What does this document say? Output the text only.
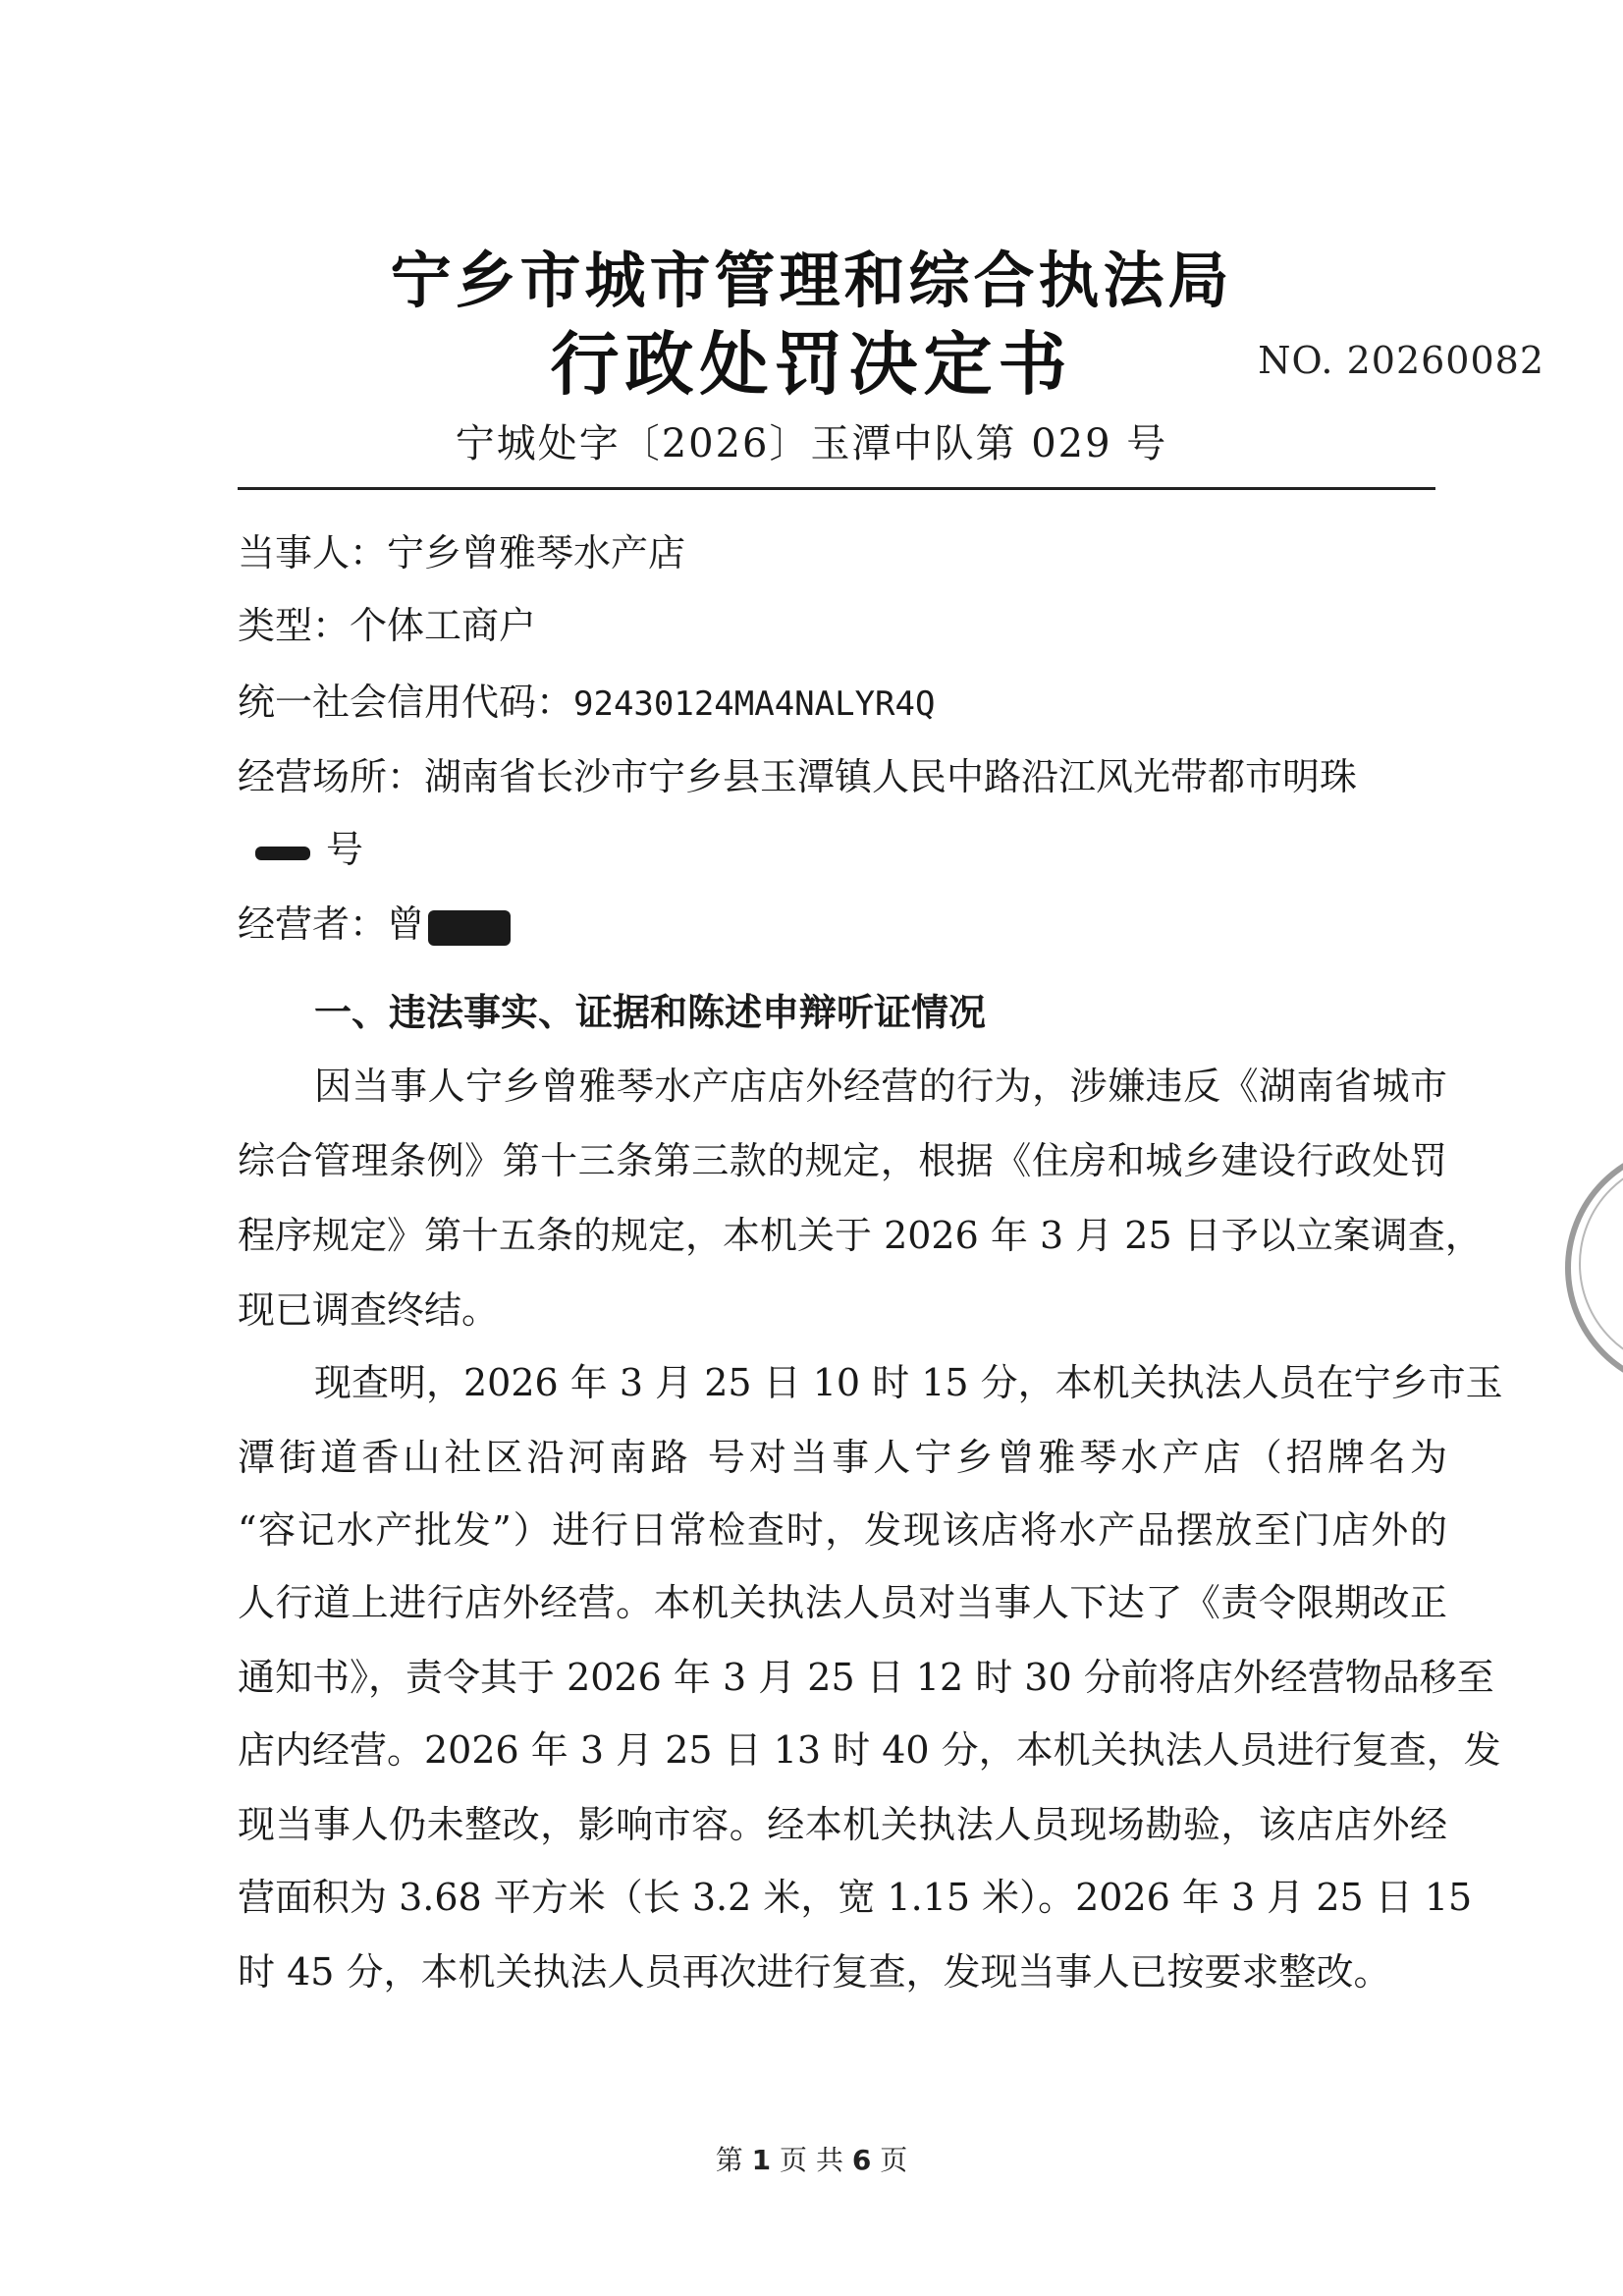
宁乡市城市管理和综合执法局
行政处罚决定书	NO. 20260082
宁城处字〔2026〕玉潭中队第 029 号
当事人：宁乡曾雅琴水产店
类型：个体工商户
统一社会信用代码：92430124MA4NALYR4Q
经营场所：湖南省长沙市宁乡县玉潭镇人民中路沿江风光带都市明珠
号
经营者：曾
一、违法事实、证据和陈述申辩听证情况
因当事人宁乡曾雅琴水产店店外经营的行为，涉嫌违反《湖南省城市
综合管理条例》第十三条第三款的规定，根据《住房和城乡建设行政处罚
程序规定》第十五条的规定，本机关于 2026 年 3 月 25 日予以立案调查，
现已调查终结。
现查明，2026 年 3 月 25 日 10 时 15 分，本机关执法人员在宁乡市玉
潭街道香山社区沿河南路 号对当事人宁乡曾雅琴水产店（招牌名为
“容记水产批发”）进行日常检查时，发现该店将水产品摆放至门店外的
人行道上进行店外经营。本机关执法人员对当事人下达了《责令限期改正
通知书》，责令其于 2026 年 3 月 25 日 12 时 30 分前将店外经营物品移至
店内经营。2026 年 3 月 25 日 13 时 40 分，本机关执法人员进行复查，发
现当事人仍未整改，影响市容。经本机关执法人员现场勘验，该店店外经
营面积为 3.68 平方米（长 3.2 米，宽 1.15 米）。2026 年 3 月 25 日 15
时 45 分，本机关执法人员再次进行复查，发现当事人已按要求整改。
第 1 页 共 6 页
